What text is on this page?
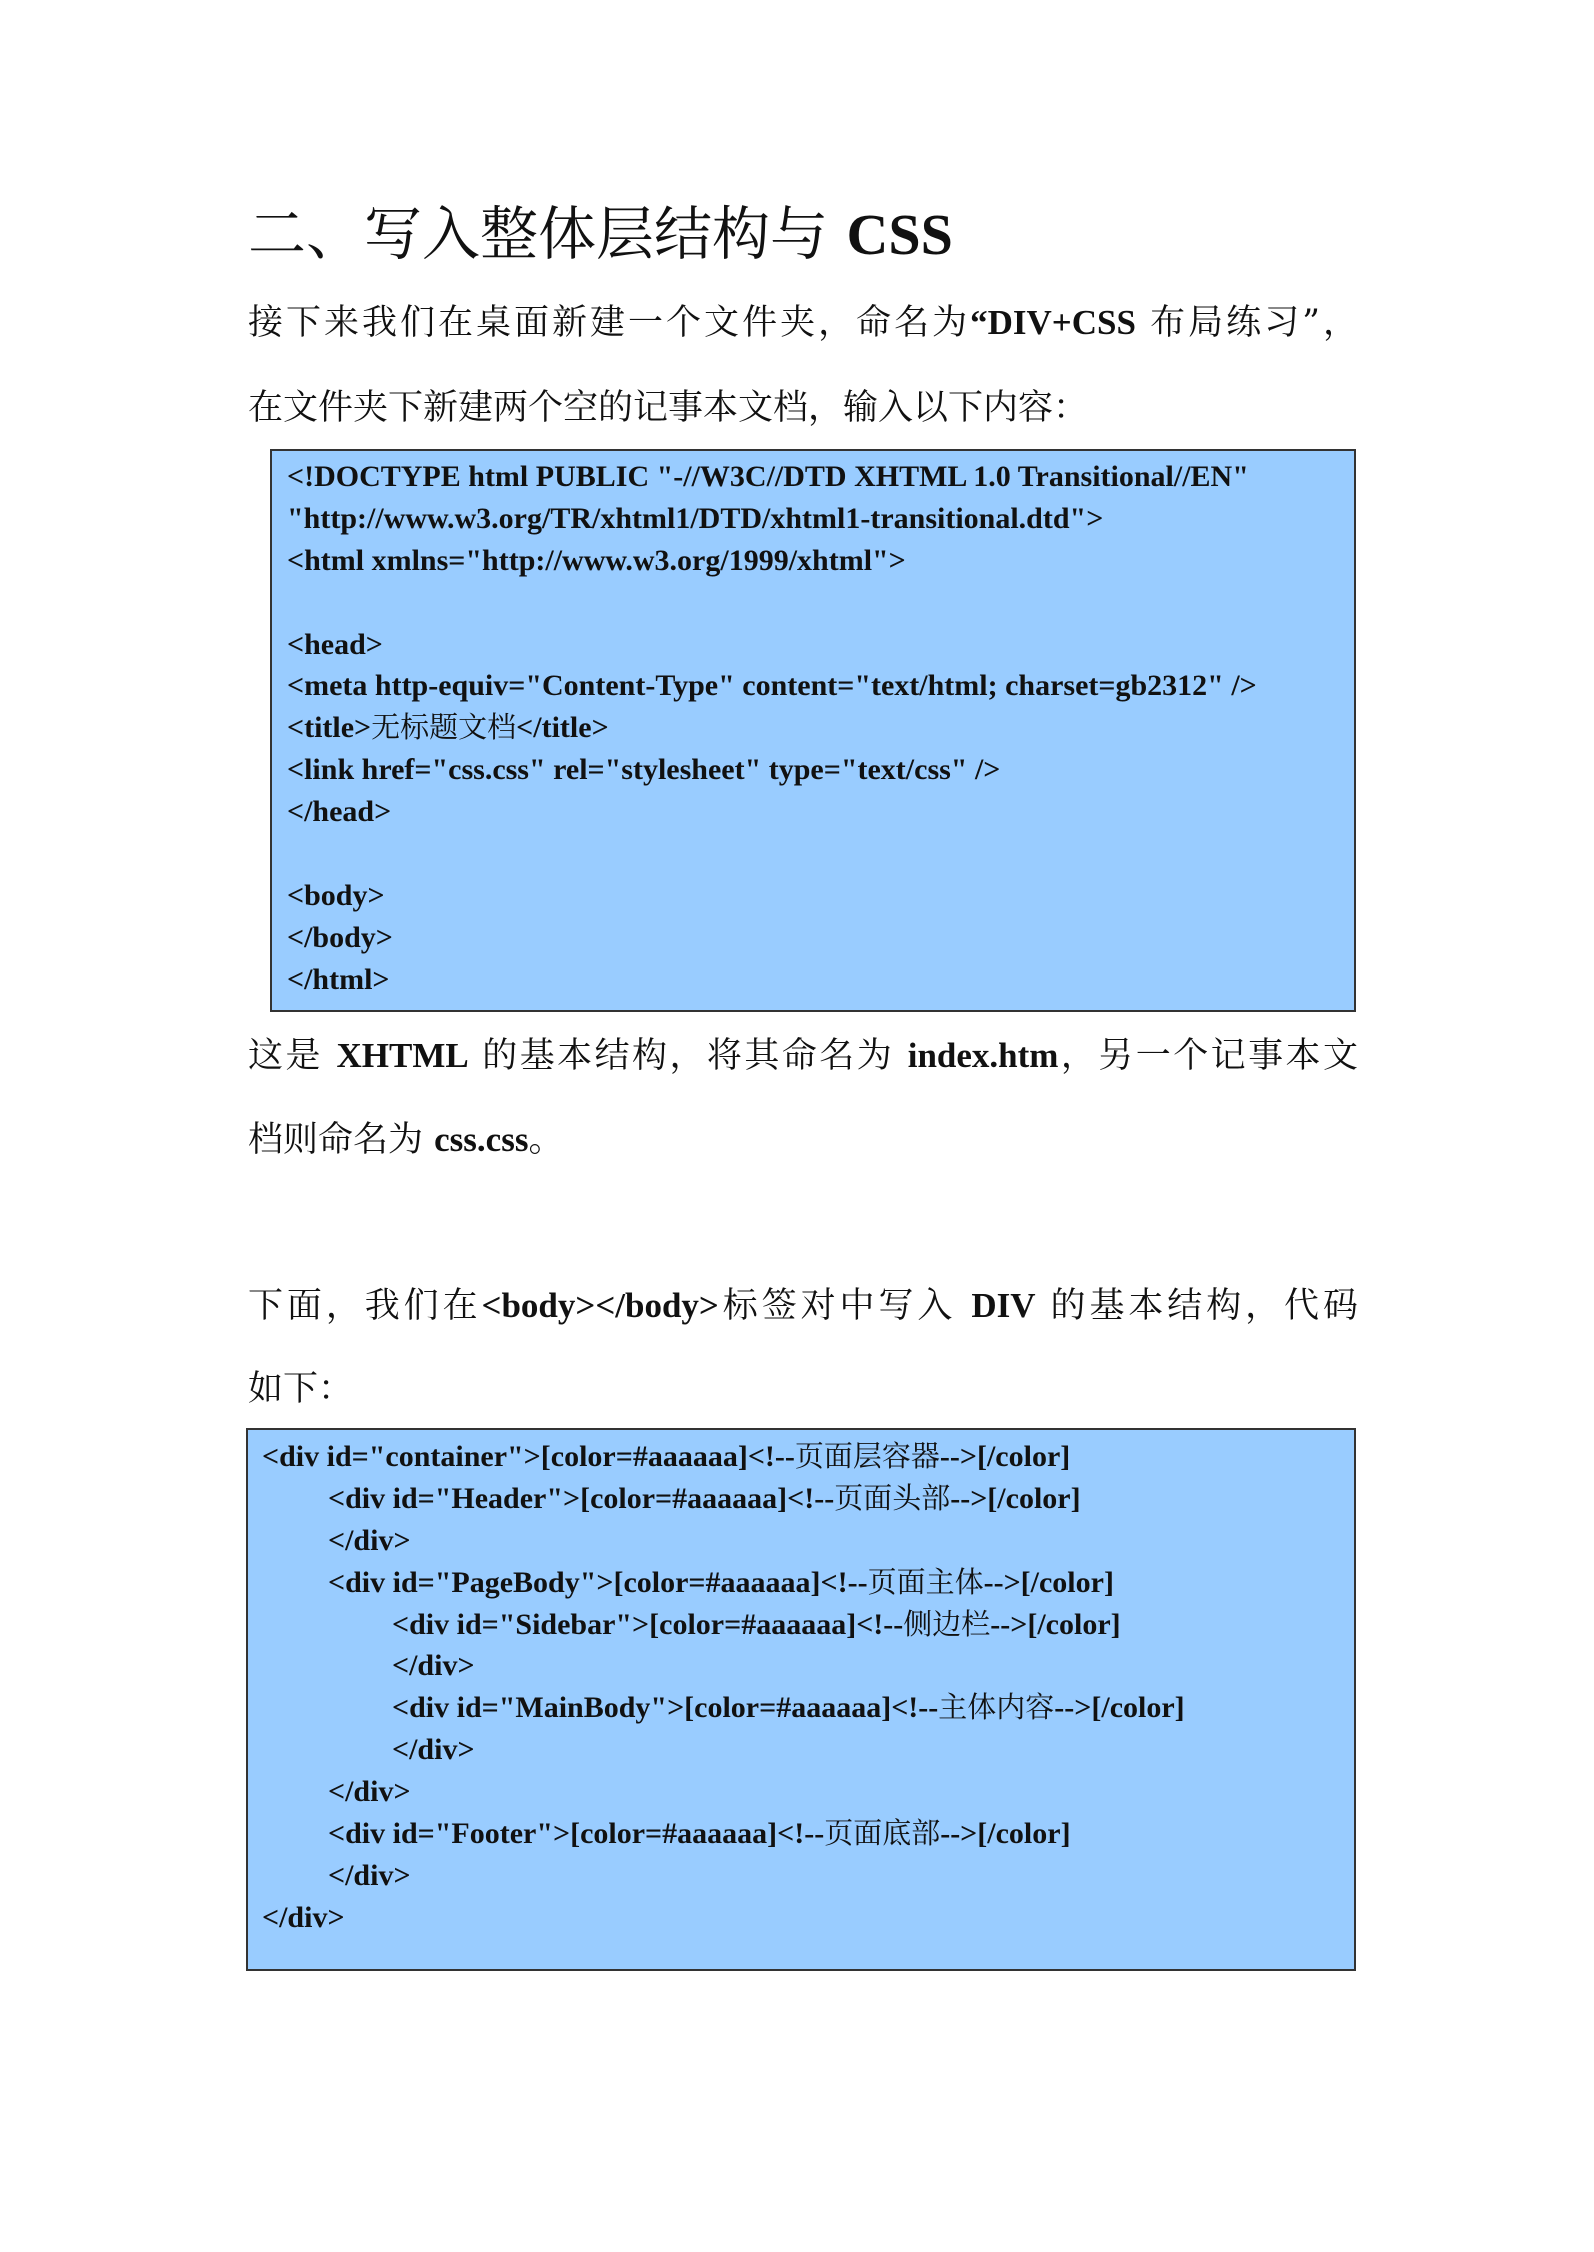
二、写入整体层结构与 CSS
接下来我们在桌面新建一个文件夹，命名为“DIV+CSS 布局练习”，
在文件夹下新建两个空的记事本文档，输入以下内容：
<!DOCTYPE html PUBLIC "-//W3C//DTD XHTML 1.0 Transitional//EN"
"http://www.w3.org/TR/xhtml1/DTD/xhtml1-transitional.dtd">
<html xmlns="http://www.w3.org/1999/xhtml">
<head>
<meta http-equiv="Content-Type" content="text/html; charset=gb2312" />
<title>无标题文档</title>
<link href="css.css" rel="stylesheet" type="text/css" />
</head>
<body>
</body>
</html>
这是 XHTML 的基本结构，将其命名为 index.htm，另一个记事本文
档则命名为 css.css。
下面，我们在<body></body>标签对中写入 DIV 的基本结构，代码
如下：
<div id="container">[color=#aaaaaa]<!--页面层容器-->[/color]
<div id="Header">[color=#aaaaaa]<!--页面头部-->[/color]
</div>
<div id="PageBody">[color=#aaaaaa]<!--页面主体-->[/color]
<div id="Sidebar">[color=#aaaaaa]<!--侧边栏-->[/color]
</div>
<div id="MainBody">[color=#aaaaaa]<!--主体内容-->[/color]
</div>
</div>
<div id="Footer">[color=#aaaaaa]<!--页面底部-->[/color]
</div>
</div>
